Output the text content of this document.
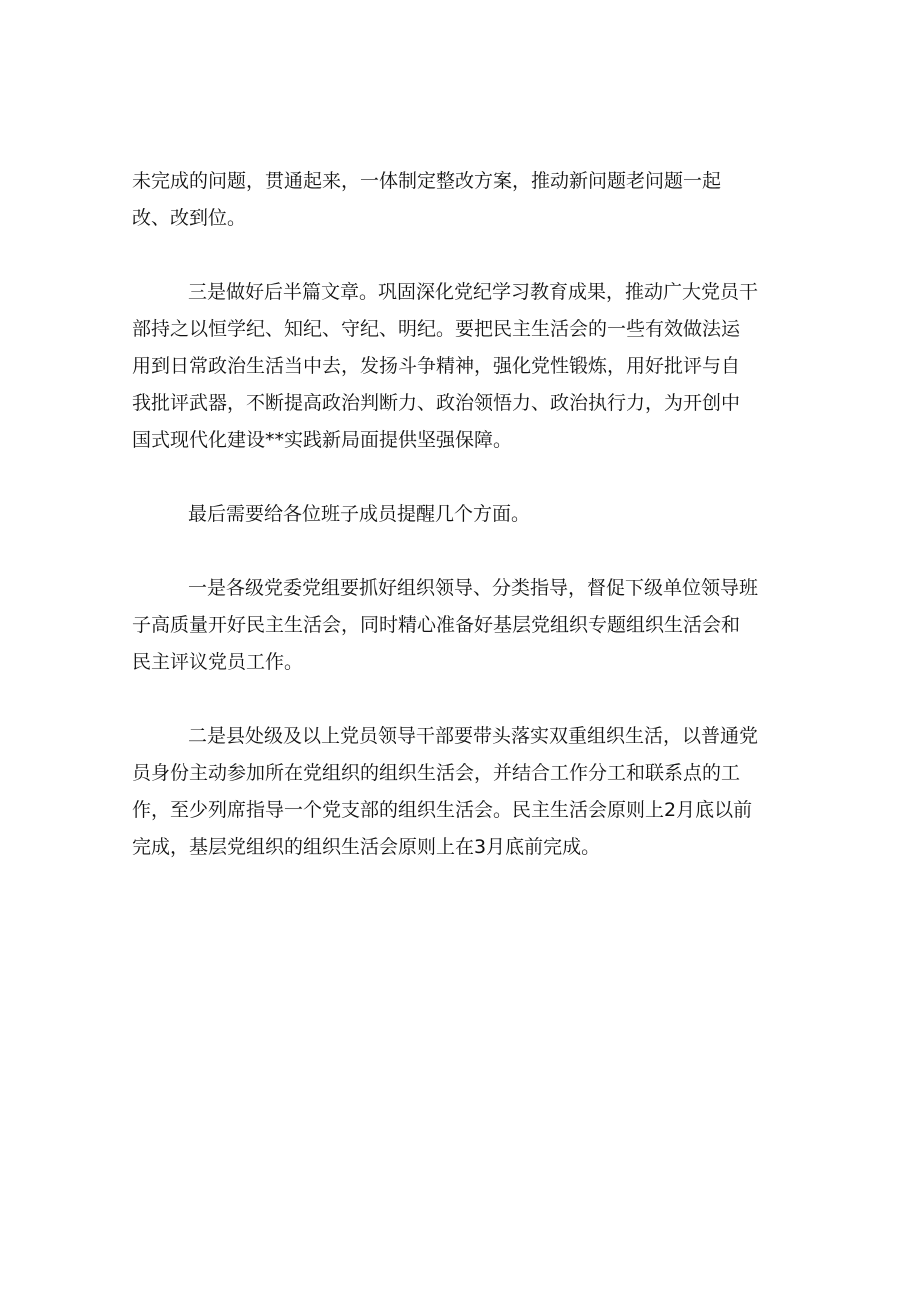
未完成的问题，贯通起来，一体制定整改方案，推动新问题老问题一起
改、改到位。
三是做好后半篇文章。巩固深化党纪学习教育成果，推动广大党员干
部持之以恒学纪、知纪、守纪、明纪。要把民主生活会的一些有效做法运
用到日常政治生活当中去，发扬斗争精神，强化党性锻炼，用好批评与自
我批评武器，不断提高政治判断力、政治领悟力、政治执行力，为开创中
国式现代化建设**实践新局面提供坚强保障。
最后需要给各位班子成员提醒几个方面。
一是各级党委党组要抓好组织领导、分类指导，督促下级单位领导班
子高质量开好民主生活会，同时精心准备好基层党组织专题组织生活会和
民主评议党员工作。
二是县处级及以上党员领导干部要带头落实双重组织生活，以普通党
员身份主动参加所在党组织的组织生活会，并结合工作分工和联系点的工
作，至少列席指导一个党支部的组织生活会。民主生活会原则上2月底以前
完成，基层党组织的组织生活会原则上在3月底前完成。
